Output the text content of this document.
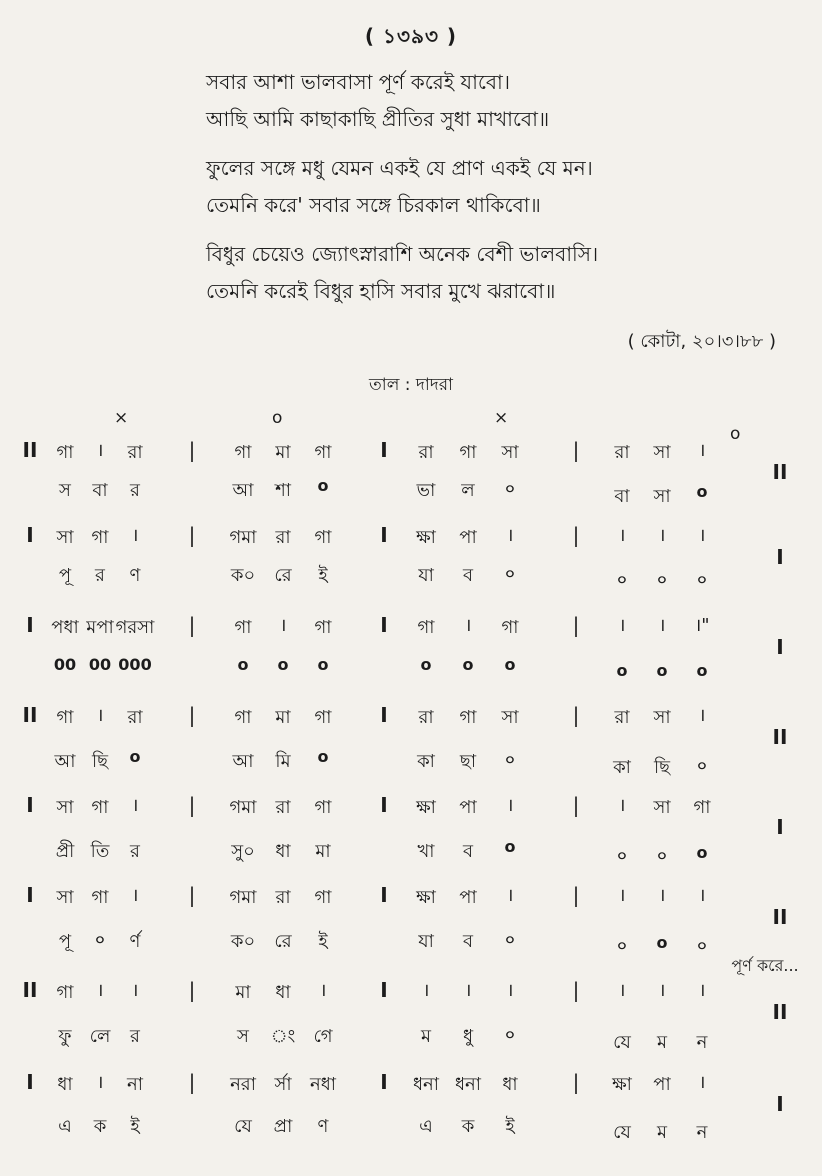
( ১৩৯৩ )
সবার আশা ভালবাসা পূর্ণ করেই যাবো।
আছি আমি কাছাকাছি প্রীতির সুধা মাখাবো॥
ফুলের সঙ্গে মধু যেমন একই যে প্রাণ একই যে মন।
তেমনি করে' সবার সঙ্গে চিরকাল থাকিবো॥
বিধুর চেয়েও জ্যোৎস্নারাশি অনেক বেশী ভালবাসি।
তেমনি করেই বিধুর হাসি সবার মুখে ঝরাবো॥
( কোটা, ২০।৩।৮৮ )
তাল : দাদরা
×	o	×
o
II গা । রা | গা মা গা I রা গা সা	| রা সা ।
II
স বা র	আ শা o	ভা ল ০	বা সা o
I সা গা ।	| গমা রা গা I ক্ষা পা ।	| । । ।
I
পূ র ণ	ক০ রে ই	যা ব ০	০ ০ ০
I পধা মপা গরসা | গা । গা I গা । গা	| । । ।"
I
00 00 000	o o o	o o o	o o o
II গা । রা | গা মা গা I রা গা সা	| রা সা ।
II
আ ছি o	আ মি o	কা ছা ০	কা ছি ০
I সা গা ।	| গমা রা গা I ক্ষা পা ।	| । সা গা
I
প্রী তি র	সু০ ধা মা	খা ব o	০ ০ o
I সা গা ।	| গমা রা গা I ক্ষা পা ।	| । । ।
II
পূ ০ র্ণ	ক০ রে ই	যা ব ০	০ o ০
পূর্ণ করে...
II গা । ।	| মা ধা ।	I । । ।	| । । ।
II
ফু লে র	স ং গে	ম ধু ০	যে ম ন
I ধা । না | নরা র্সা নধা I ধনা ধনা ধা	| ক্ষা পা ।
I
এ ক ই	যে প্রা ণ	এ ক ই	যে ম ন
